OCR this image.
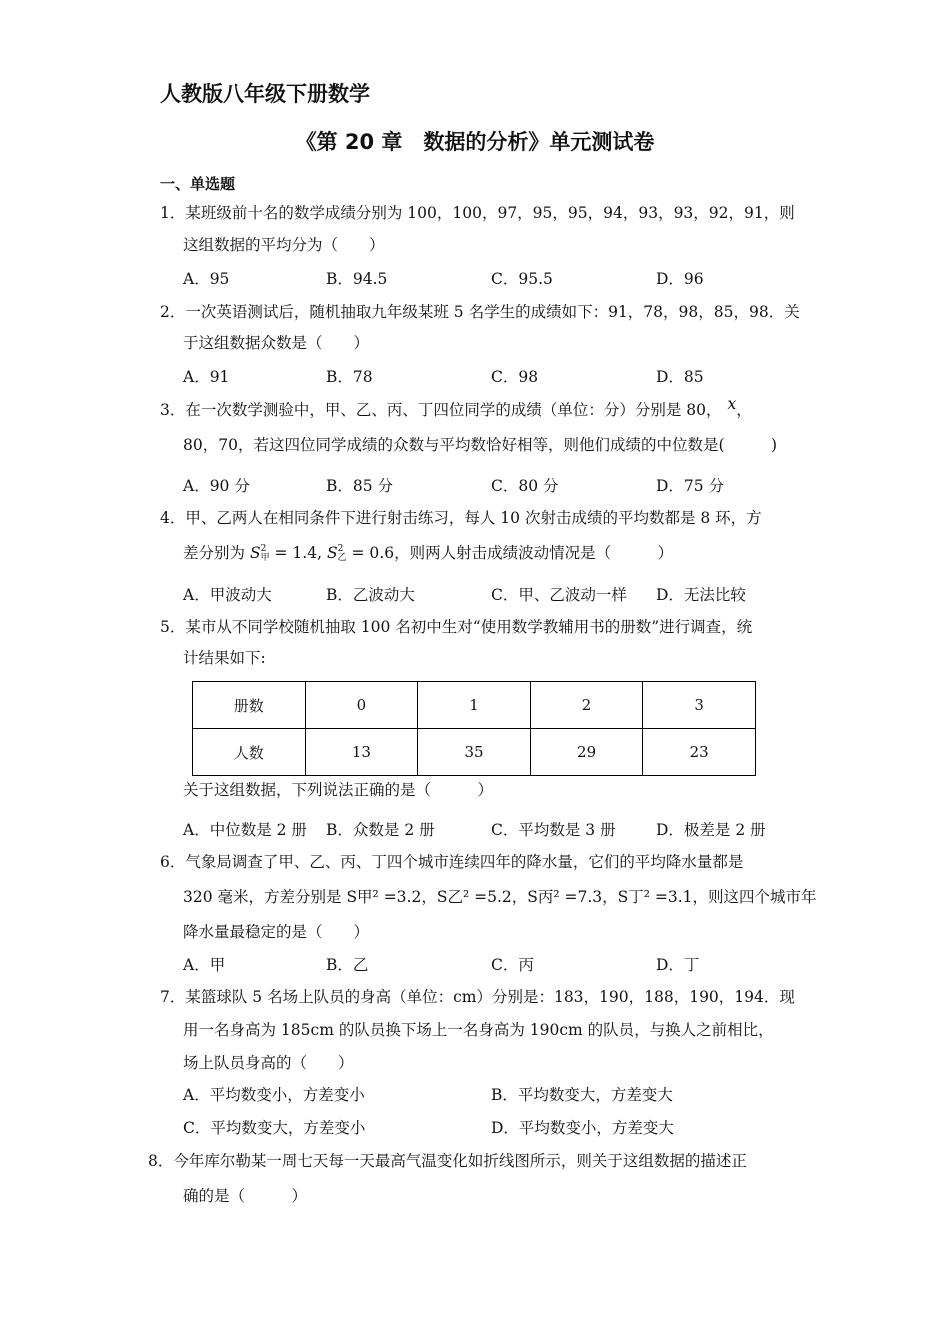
人教版八年级下册数学
《第 20 章　数据的分析》单元测试卷
一、单选题
1．某班级前十名的数学成绩分别为 100，100，97，95，95，94，93，93，92，91，则
这组数据的平均分为（　　）
A．95	B．94.5	C．95.5	D．96
2．一次英语测试后，随机抽取九年级某班 5 名学生的成绩如下：91，78，98，85，98．关
于这组数据众数是（　　）
A．91	B．78	C．98	D．85
3．在一次数学测验中，甲、乙、丙、丁四位同学的成绩（单位：分）分别是 80， x，
80，70，若这四位同学成绩的众数与平均数恰好相等，则他们成绩的中位数是(　　　)
A．90 分	B．85 分	C．80 分	D．75 分
4．甲、乙两人在相同条件下进行射击练习，每人 10 次射击成绩的平均数都是 8 环，方
差分别为 S 2
甲 = 1.4, S 2
乙 = 0.6，则两人射击成绩波动情况是（　　　）
A．甲波动大	B．乙波动大	C．甲、乙波动一样 D．无法比较
5．某市从不同学校随机抽取 100 名初中生对“使用数学教辅用书的册数”进行调查，统
计结果如下:
册数	0	1	2	3
人数	13	35	29	23
关于这组数据，下列说法正确的是（　　　）
A．中位数是 2 册 B．众数是 2 册	C．平均数是 3 册	D．极差是 2 册
6．气象局调查了甲、乙、丙、丁四个城市连续四年的降水量，它们的平均降水量都是
320 毫米，方差分别是 S甲² =3.2，S乙² =5.2，S丙² =7.3，S丁² =3.1，则这四个城市年
降水量最稳定的是（　　）
A．甲	B．乙	C．丙	D．丁
7．某篮球队 5 名场上队员的身高（单位：cm）分别是：183，190，188，190，194．现
用一名身高为 185cm 的队员换下场上一名身高为 190cm 的队员，与换人之前相比，
场上队员身高的（　　）
A．平均数变小，方差变小	B．平均数变大，方差变大
C．平均数变大，方差变小	D．平均数变小，方差变大
8．今年库尔勒某一周七天每一天最高气温变化如折线图所示，则关于这组数据的描述正
确的是（　　　）
